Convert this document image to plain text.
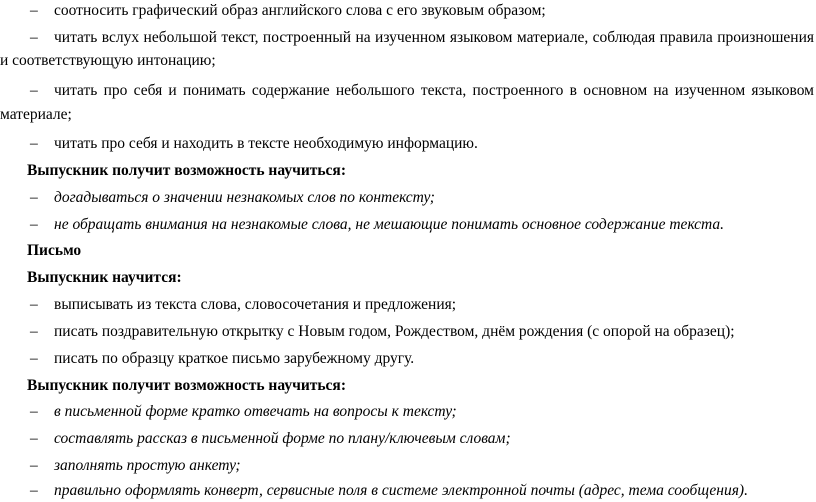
– соотносить графический образ английского слова с его звуковым образом;
– читать вслух небольшой текст, построенный на изученном языковом материале, соблюдая правила произношения
и соответствующую интонацию;
– читать про себя и понимать содержание небольшого текста, построенного в основном на изученном языковом
материале;
– читать про себя и находить в тексте необходимую информацию.
Выпускник получит возможность научиться:
– догадываться о значении незнакомых слов по контексту;
– не обращать внимания на незнакомые слова, не мешающие понимать основное содержание текста.
Письмо
Выпускник научится:
– выписывать из текста слова, словосочетания и предложения;
– писать поздравительную открытку с Новым годом, Рождеством, днём рождения (с опорой на образец);
– писать по образцу краткое письмо зарубежному другу.
Выпускник получит возможность научиться:
– в письменной форме кратко отвечать на вопросы к тексту;
– составлять рассказ в письменной форме по плану/ключевым словам;
– заполнять простую анкету;
– правильно оформлять конверт, сервисные поля в системе электронной почты (адрес, тема сообщения).
